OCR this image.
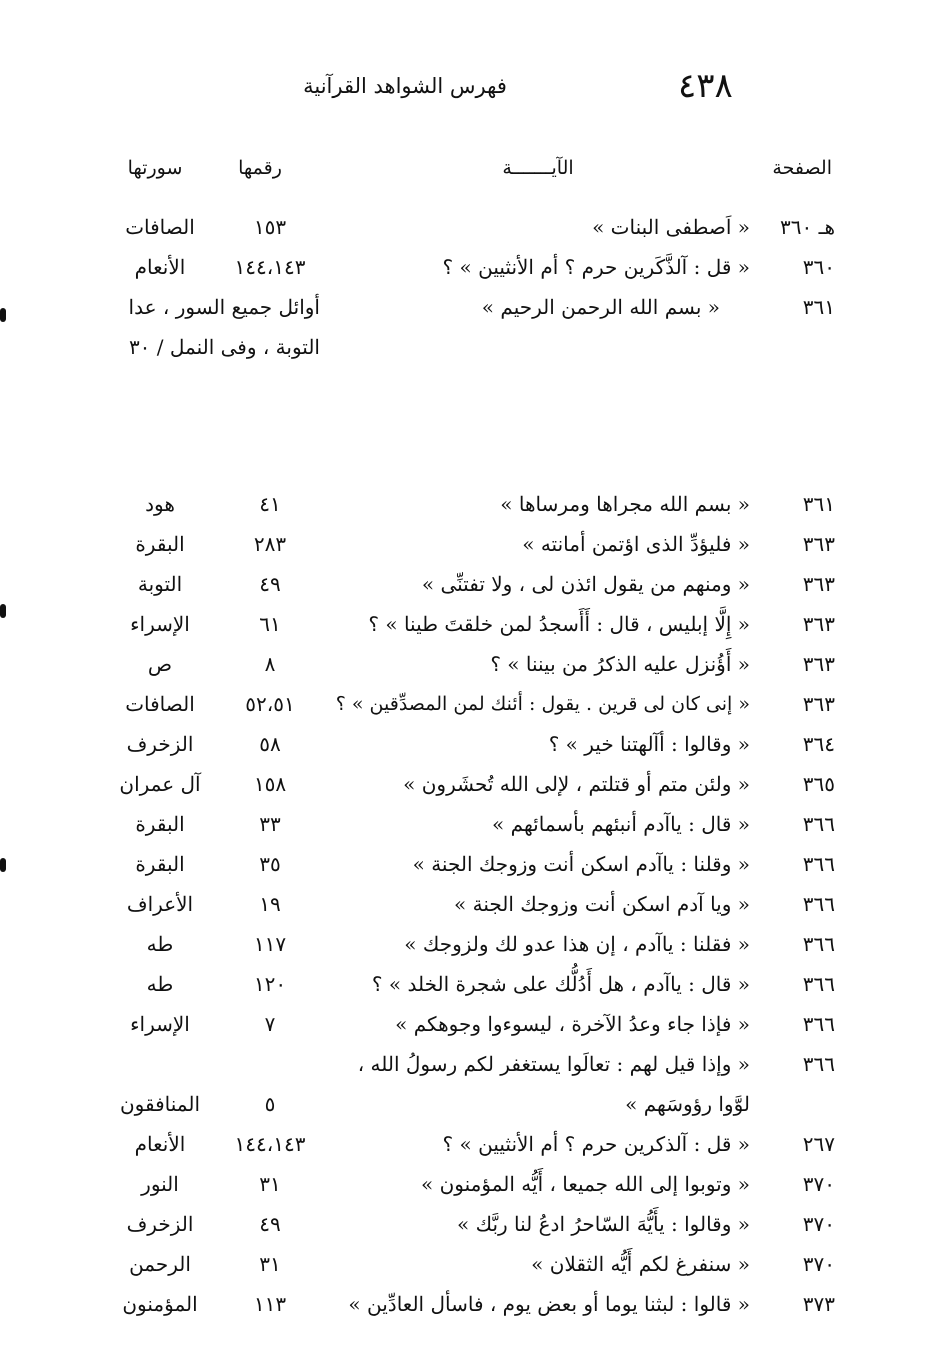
٤٣٨
فهرس الشواهد القرآنية
الصفحة
الآيـــــــة
رقمها
سورتها
هـ ٣٦٠
« اَصطفى البنات »
١٥٣
الصافات
٣٦٠
« قل : آلذَّكَرين حرم ؟ أم الأنثيين » ؟
١٤٤،١٤٣
الأنعام
٣٦١
« بسم الله الرحمن الرحيم »
أوائل جميع السور ، عدا التوبة ، وفى النمل / ٣٠
٣٦١
« بسم الله مجراها ومرساها »
٤١
هود
٣٦٣
« فليؤدِّ الذى اؤتمن أمانته »
٢٨٣
البقرة
٣٦٣
« ومنهم من يقول ائذن لى ، ولا تفتنِّى »
٤٩
التوبة
٣٦٣
« إِلَّا إبليس ، قال : أَأَسجدُ لمن خلقتَ طينا » ؟
٦١
الإسراء
٣٦٣
« أَؤُنزل عليه الذكرُ من بيننا » ؟
٨
ص
٣٦٣
« إنى كان لى قرين . يقول : أئنك لمن المصدِّقين » ؟
٥٢،٥١
الصافات
٣٦٤
« وقالوا : أآلهتنا خير » ؟
٥٨
الزخرف
٣٦٥
« ولئن متم أو قتلتم ، لإلى الله تُحشَرون »
١٥٨
آل عمران
٣٦٦
« قال : ياآدم أنبئهم بأسمائهم »
٣٣
البقرة
٣٦٦
« وقلنا : ياآدم اسكن أنت وزوجك الجنة »
٣٥
البقرة
٣٦٦
« ويا آدم اسكن أنت وزوجك الجنة »
١٩
الأعراف
٣٦٦
« فقلنا : ياآدم ، إن هذا عدو لك ولزوجك »
١١٧
طه
٣٦٦
« قال : ياآدم ، هل أَدُلُّك على شجرة الخلد » ؟
١٢٠
طه
٣٦٦
« فإذا جاء وعدُ الآخرة ، ليسوءوا وجوهكم »
٧
الإسراء
٣٦٦
« وإذا قيل لهم : تعالَوا يستغفر لكم رسولُ الله ،
لوَّوا رؤوسَهم »
٥
المنافقون
٢٦٧
« قل : آلذكرين حرم ؟ أم الأنثيين » ؟
١٤٤،١٤٣
الأنعام
٣٧٠
« وتوبوا إلى الله جميعا ، أَيُّه المؤمنون »
٣١
النور
٣٧٠
« وقالوا : يأَيُّهَ السّاحرُ ادعُ لنا ربَّك »
٤٩
الزخرف
٣٧٠
« سنفرغ لكم أَيُّه الثقلان »
٣١
الرحمن
٣٧٣
« قالوا : لبثنا يوما أو بعض يوم ، فاسأل العادِّين »
١١٣
المؤمنون
